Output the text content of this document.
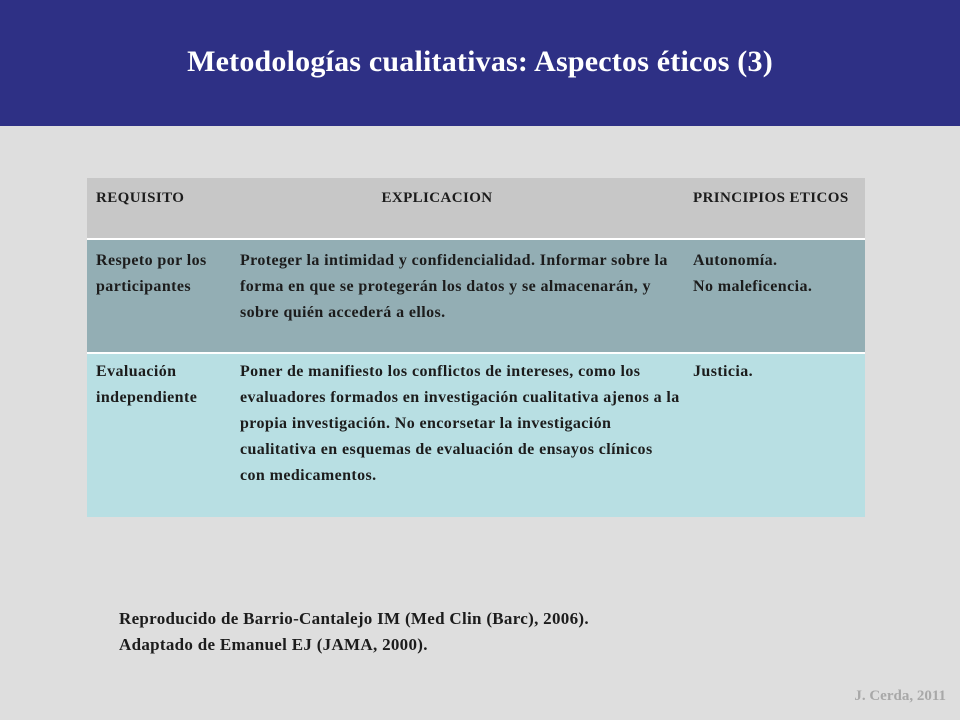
Metodologías cualitativas: Aspectos éticos (3)
REQUISITO	EXPLICACION	PRINCIPIOS ETICOS
Respeto por los participantes
Proteger la intimidad y confidencialidad. Informar sobre la forma en que se protegerán los datos y se almacenarán, y sobre quién accederá a ellos.
Autonomía.
No maleficencia.
Evaluación independiente
Poner de manifiesto los conflictos de intereses, como los evaluadores formados en investigación cualitativa ajenos a la propia investigación. No encorsetar la investigación cualitativa en esquemas de evaluación de ensayos clínicos con medicamentos.
Justicia.
Reproducido de Barrio-Cantalejo IM (Med Clin (Barc), 2006).
Adaptado de Emanuel EJ (JAMA, 2000).
J. Cerda, 2011
